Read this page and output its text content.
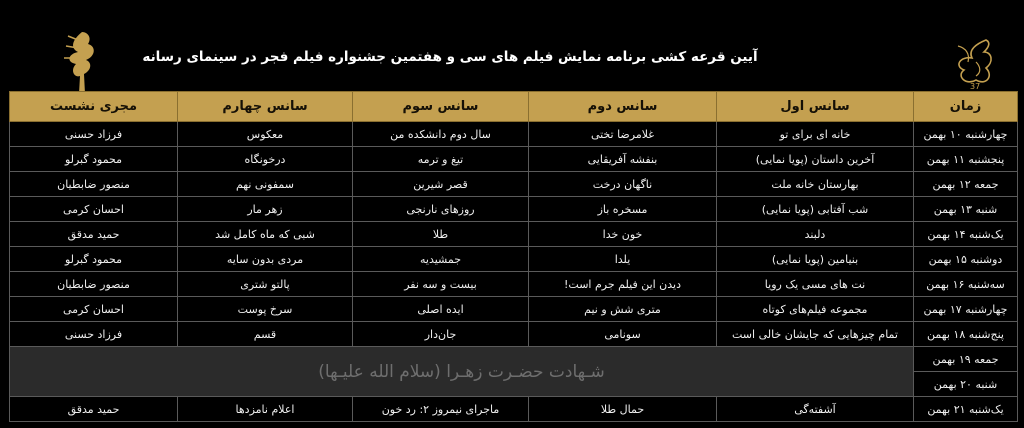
37
آیین قرعه کشی برنامه نمایش فیلم های سی و هفتمین جشنواره فیلم فجر در سینمای رسانه
زمان	سانس اول	سانس دوم	سانس سوم	سانس چهارم	مجری نشست
چهارشنبه ۱۰ بهمن	خانه ای برای تو	غلامرضا تختی	سال دوم دانشکده من	معکوس	فرزاد حسنی
پنجشنبه ۱۱ بهمن	آخرین داستان (پویا نمایی)	بنفشه آفریقایی	تیغ و ترمه	درخونگاه	محمود گبرلو
جمعه ۱۲ بهمن	بهارستان خانه ملت	ناگهان درخت	قصر شیرین	سمفونی نهم	منصور ضابطیان
شنبه ۱۳ بهمن	شب آفتابی (پویا نمایی)	مسخره باز	روزهای نارنجی	زهر مار	احسان کرمی
یک‌شنبه ۱۴ بهمن	دلبند	خون خدا	طلا	شبی که ماه کامل شد	حمید مدقق
دوشنبه ۱۵ بهمن	بنیامین (پویا نمایی)	یلدا	جمشیدیه	مردی بدون سایه	محمود گبرلو
سه‌شنبه ۱۶ بهمن	نت های مسی یک رویا	دیدن این فیلم جرم است!	بیست و سه نفر	پالتو شتری	منصور ضابطیان
چهارشنبه ۱۷ بهمن	مجموعه فیلم‌های کوتاه	متری شش و نیم	ایده اصلی	سرخ پوست	احسان کرمی
پنج‌شنبه ۱۸ بهمن	تمام چیزهایی که جایشان خالی است	سونامی	جان‌دار	قسم	فرزاد حسنی
جمعه ۱۹ بهمن	شـهادت حضـرت زهـرا (سلام الله علیـها)				
شنبه ۲۰ بهمن					
یک‌شنبه ۲۱ بهمن	آشفته‌گی	حمال طلا	ماجرای نیمروز ۲: رد خون	اعلام نامزدها	حمید مدقق
